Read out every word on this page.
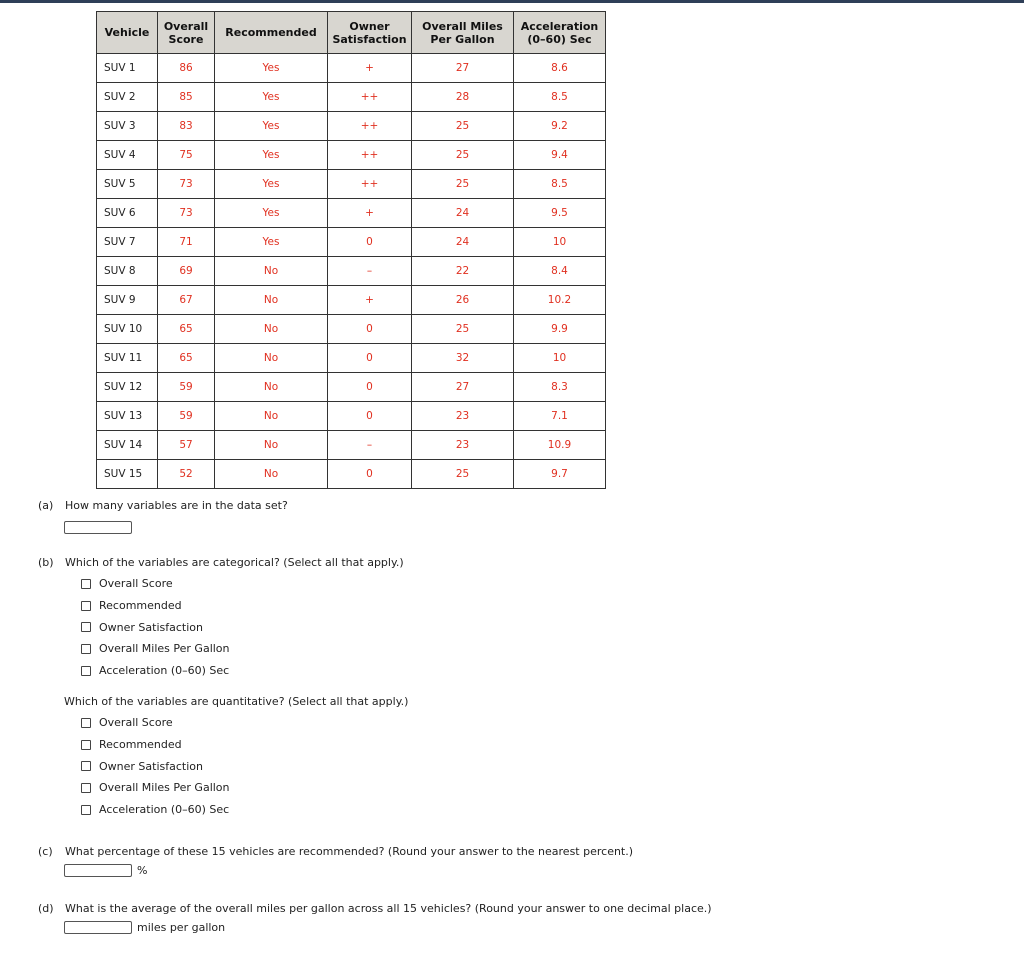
Vehicle	Overall Score	Recommended	Owner Satisfaction	Overall Miles Per Gallon	Acceleration (0–60) Sec
SUV 1	86	Yes	+	27	8.6
SUV 2	85	Yes	++	28	8.5
SUV 3	83	Yes	++	25	9.2
SUV 4	75	Yes	++	25	9.4
SUV 5	73	Yes	++	25	8.5
SUV 6	73	Yes	+	24	9.5
SUV 7	71	Yes	0	24	10
SUV 8	69	No	–	22	8.4
SUV 9	67	No	+	26	10.2
SUV 10	65	No	0	25	9.9
SUV 11	65	No	0	32	10
SUV 12	59	No	0	27	8.3
SUV 13	59	No	0	23	7.1
SUV 14	57	No	–	23	10.9
SUV 15	52	No	0	25	9.7
(a) How many variables are in the data set?
(b) Which of the variables are categorical? (Select all that apply.)
Overall Score
Recommended
Owner Satisfaction
Overall Miles Per Gallon
Acceleration (0–60) Sec
Which of the variables are quantitative? (Select all that apply.)
Overall Score
Recommended
Owner Satisfaction
Overall Miles Per Gallon
Acceleration (0–60) Sec
(c) What percentage of these 15 vehicles are recommended? (Round your answer to the nearest percent.)
%
(d) What is the average of the overall miles per gallon across all 15 vehicles? (Round your answer to one decimal place.)
miles per gallon
